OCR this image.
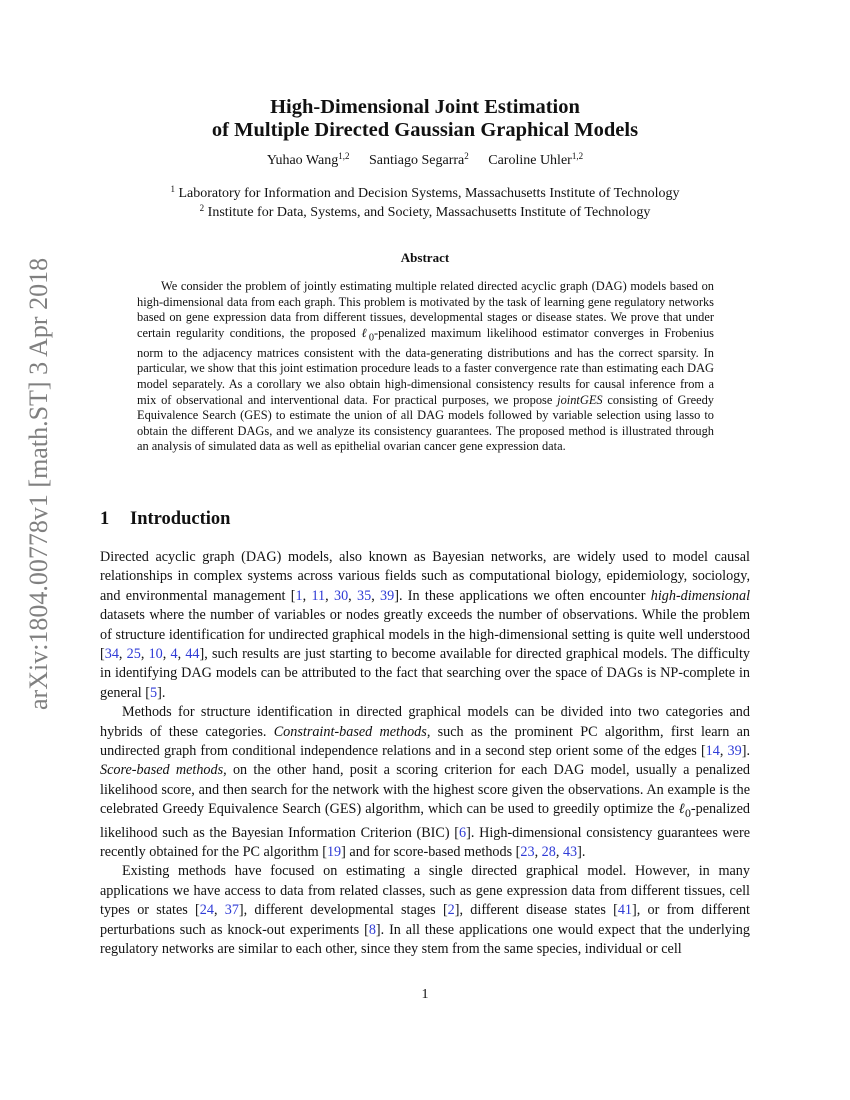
arXiv:1804.00778v1 [math.ST] 3 Apr 2018
High-Dimensional Joint Estimation
of Multiple Directed Gaussian Graphical Models
Yuhao Wang$^{1,2}$ Santiago Segarra$^2$ Caroline Uhler$^{1,2}$
$^1$ Laboratory for Information and Decision Systems, Massachusetts Institute of Technology
$^2$ Institute for Data, Systems, and Society, Massachusetts Institute of Technology
Abstract

We consider the problem of jointly estimating multiple related directed acyclic graph (DAG) models based on high-dimensional data from each graph. This problem is motivated by the task of learning gene regulatory networks based on gene expression data from different tissues, developmental stages or disease states. We prove that under certain regularity conditions, the proposed ℓ$_0$-penalized maximum likelihood estimator converges in Frobenius norm to the adjacency matrices consistent with the data-generating distributions and has the correct sparsity. In particular, we show that this joint estimation procedure leads to a faster convergence rate than estimating each DAG model separately. As a corollary we also obtain high-dimensional consistency results for causal inference from a mix of observational and interventional data. For practical purposes, we propose jointGES consisting of Greedy Equivalence Search (GES) to estimate the union of all DAG models followed by variable selection using lasso to obtain the different DAGs, and we analyze its consistency guarantees. The proposed method is illustrated through an analysis of simulated data as well as epithelial ovarian cancer gene expression data.

1 Introduction

Directed acyclic graph (DAG) models, also known as Bayesian networks, are widely used to model causal relationships in complex systems across various fields such as computational biology, epidemiology, sociology, and environmental management [1, 11, 30, 35, 39]. In these applications we often encounter high-dimensional datasets where the number of variables or nodes greatly exceeds the number of observations. While the problem of structure identification for undirected graphical models in the high-dimensional setting is quite well understood [34, 25, 10, 4, 44], such results are just starting to become available for directed graphical models. The difficulty in identifying DAG models can be attributed to the fact that searching over the space of DAGs is NP-complete in general [5].

Methods for structure identification in directed graphical models can be divided into two categories and hybrids of these categories. Constraint-based methods, such as the prominent PC algorithm, first learn an undirected graph from conditional independence relations and in a second step orient some of the edges [14, 39]. Score-based methods, on the other hand, posit a scoring criterion for each DAG model, usually a penalized likelihood score, and then search for the network with the highest score given the observations. An example is the celebrated Greedy Equivalence Search (GES) algorithm, which can be used to greedily optimize the ℓ$_0$-penalized likelihood such as the Bayesian Information Criterion (BIC) [6]. High-dimensional consistency guarantees were recently obtained for the PC algorithm [19] and for score-based methods [23, 28, 43].

Existing methods have focused on estimating a single directed graphical model. However, in many applications we have access to data from related classes, such as gene expression data from different tissues, cell types or states [24, 37], different developmental stages [2], different disease states [41], or from different perturbations such as knock-out experiments [8]. In all these applications one would expect that the underlying regulatory networks are similar to each other, since they stem from the same species, individual or cell

1
